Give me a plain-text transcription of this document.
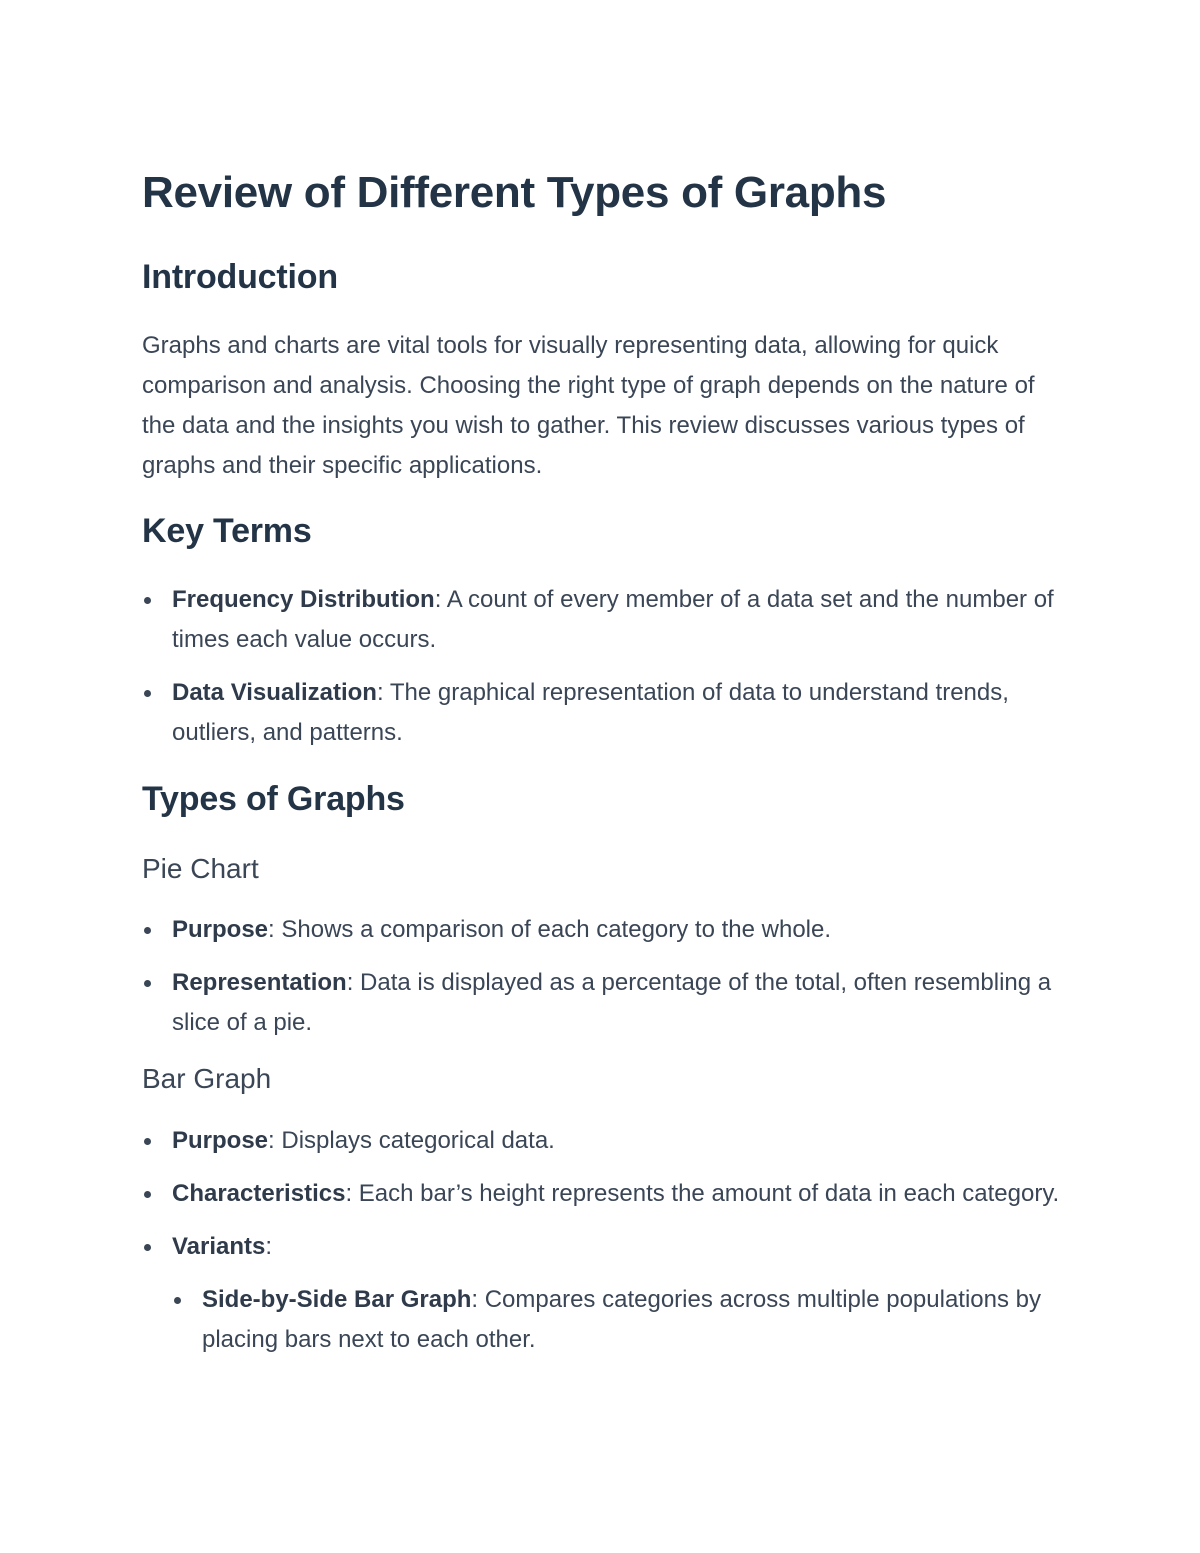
Review of Different Types of Graphs
Introduction

Graphs and charts are vital tools for visually representing data, allowing for quick comparison and analysis. Choosing the right type of graph depends on the nature of the data and the insights you wish to gather. This review discusses various types of graphs and their specific applications.

Key Terms
Frequency Distribution: A count of every member of a data set and the number of times each value occurs.
Data Visualization: The graphical representation of data to understand trends, outliers, and patterns.
Types of Graphs
Pie Chart
Purpose: Shows a comparison of each category to the whole.
Representation: Data is displayed as a percentage of the total, often resembling a slice of a pie.
Bar Graph
Purpose: Displays categorical data.
Characteristics: Each bar’s height represents the amount of data in each category.
Variants:
Side-by-Side Bar Graph: Compares categories across multiple populations by placing bars next to each other.
